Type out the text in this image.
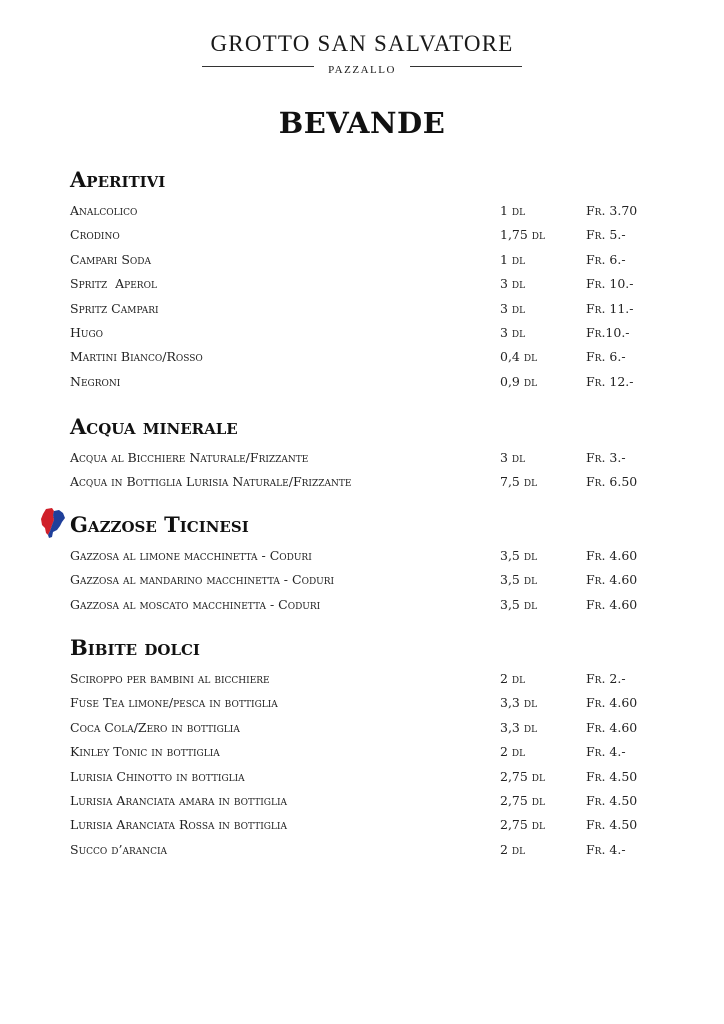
GROTTO SAN SALVATORE
PAZZALLO
BEVANDE
Aperitivi
Analcolico	1 dl	Fr. 3.70
Crodino	1,75 dl	Fr. 5.-
Campari Soda	1 dl	Fr. 6.-
Spritz  Aperol	3 dl	Fr. 10.-
Spritz Campari	3 dl	Fr. 11.-
Hugo	3 dl	Fr.10.-
Martini Bianco/Rosso	0,4 dl	Fr. 6.-
Negroni	0,9 dl	Fr. 12.-
Acqua minerale
Acqua al Bicchiere Naturale/Frizzante	3 dl	Fr. 3.-
Acqua in Bottiglia Lurisia Naturale/Frizzante	7,5 dl	Fr. 6.50
Gazzose Ticinesi
Gazzosa al limone macchinetta - Coduri	3,5 dl	Fr. 4.60
Gazzosa al mandarino macchinetta - Coduri	3,5 dl	Fr. 4.60
Gazzosa al moscato macchinetta - Coduri	3,5 dl	Fr. 4.60
Bibite dolci
Sciroppo per bambini al bicchiere	2 dl	Fr. 2.-
Fuse Tea limone/pesca in bottiglia	3,3 dl	Fr. 4.60
Coca Cola/Zero in bottiglia	3,3 dl	Fr. 4.60
Kinley Tonic in bottiglia	2 dl	Fr. 4.-
Lurisia Chinotto in bottiglia	2,75 dl	Fr. 4.50
Lurisia Aranciata amara in bottiglia	2,75 dl	Fr. 4.50
Lurisia Aranciata Rossa in bottiglia	2,75 dl	Fr. 4.50
Succo d’arancia	2 dl	Fr. 4.-
